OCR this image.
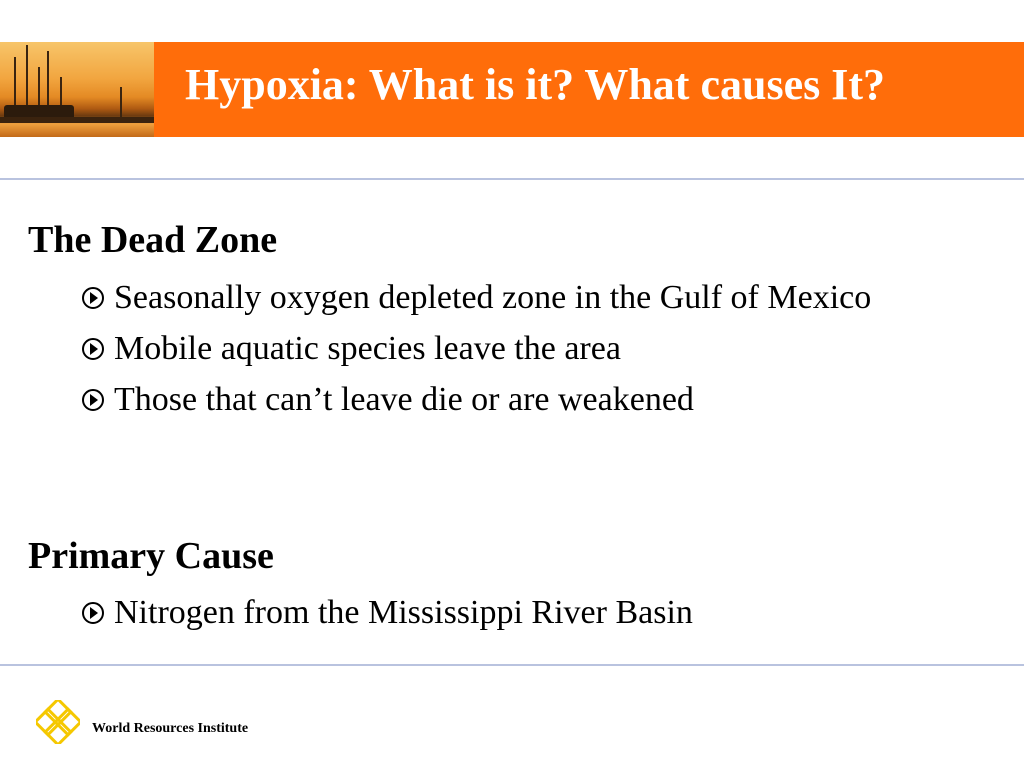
Hypoxia: What is it? What causes It?
The Dead Zone
Seasonally oxygen depleted zone in the Gulf of Mexico
Mobile aquatic species leave the area
Those that can’t leave die or are weakened
Primary Cause
Nitrogen from the Mississippi River Basin

World Resources Institute
